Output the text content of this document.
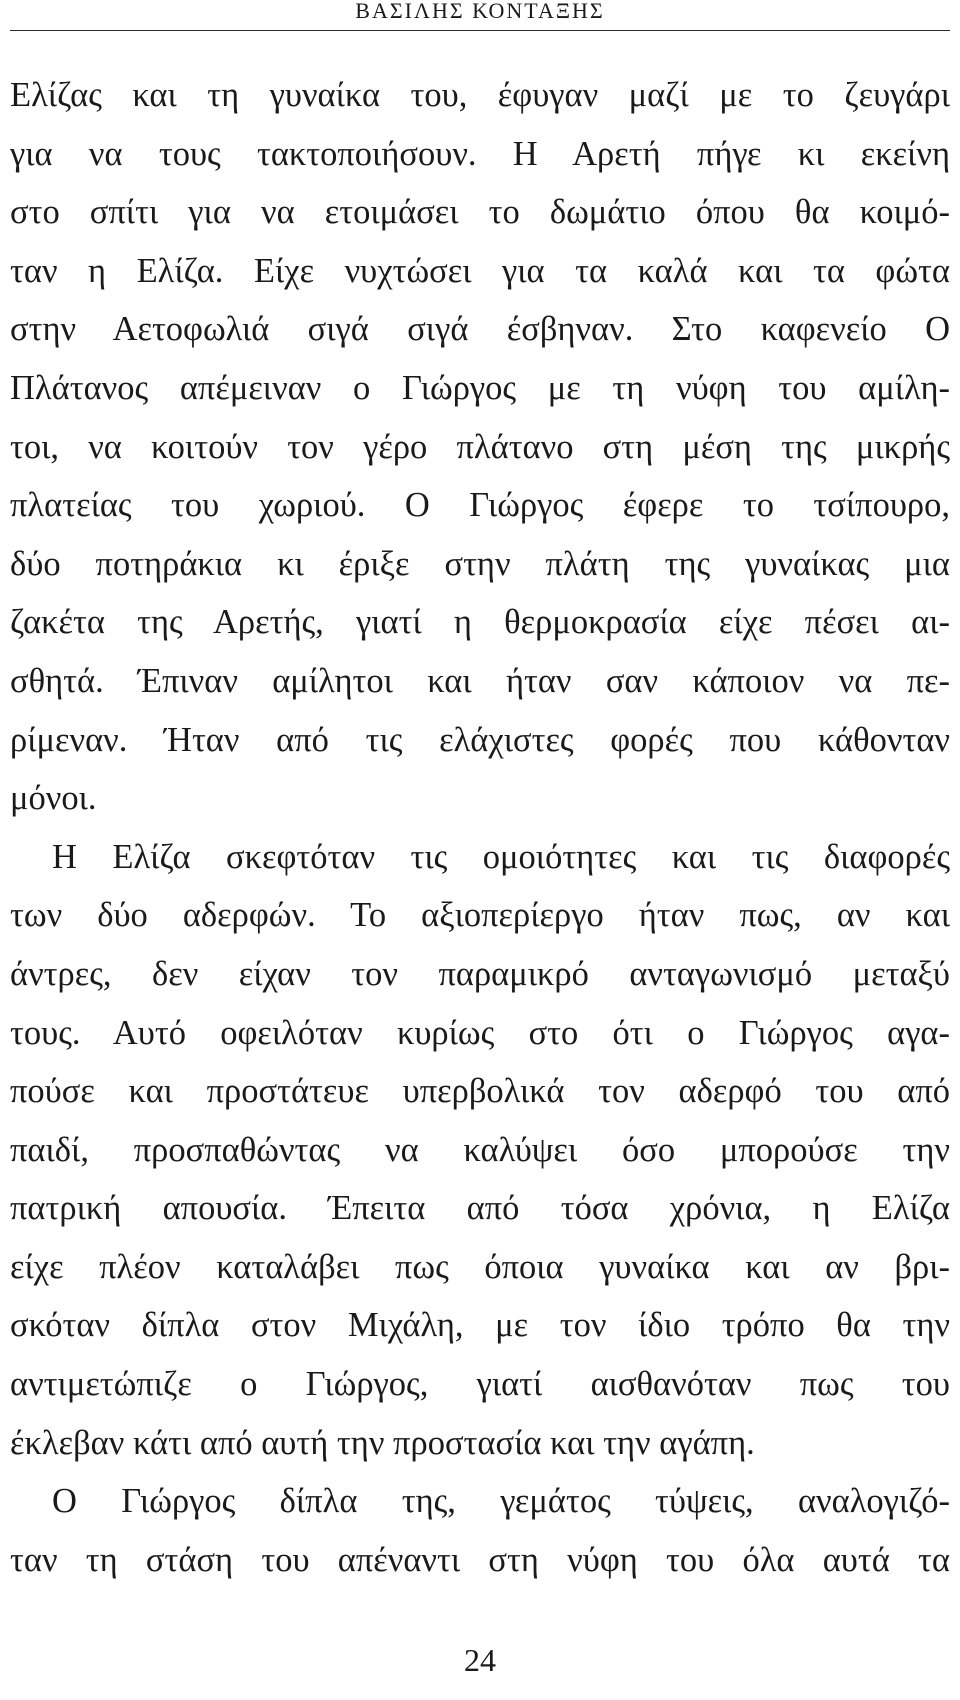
ΒΑΣΙΛΗΣ ΚΟΝΤΑΞΗΣ
Ελίζας και τη γυναίκα του, έφυγαν μαζί με το ζευγάρι
για να τους τακτοποιήσουν. Η Αρετή πήγε κι εκείνη
στο σπίτι για να ετοιμάσει το δωμάτιο όπου θα κοιμό-
ταν η Ελίζα. Είχε νυχτώσει για τα καλά και τα φώτα
στην Αετοφωλιά σιγά σιγά έσβηναν. Στο καφενείο Ο
Πλάτανος απέμειναν ο Γιώργος με τη νύφη του αμίλη-
τοι, να κοιτούν τον γέρο πλάτανο στη μέση της μικρής
πλατείας του χωριού. Ο Γιώργος έφερε το τσίπουρο,
δύο ποτηράκια κι έριξε στην πλάτη της γυναίκας μια
ζακέτα της Αρετής, γιατί η θερμοκρασία είχε πέσει αι-
σθητά. Έπιναν αμίλητοι και ήταν σαν κάποιον να πε-
ρίμεναν. Ήταν από τις ελάχιστες φορές που κάθονταν
μόνοι.
Η Ελίζα σκεφτόταν τις ομοιότητες και τις διαφορές
των δύο αδερφών. Το αξιοπερίεργο ήταν πως, αν και
άντρες, δεν είχαν τον παραμικρό ανταγωνισμό μεταξύ
τους. Αυτό οφειλόταν κυρίως στο ότι ο Γιώργος αγα-
πούσε και προστάτευε υπερβολικά τον αδερφό του από
παιδί, προσπαθώντας να καλύψει όσο μπορούσε την
πατρική απουσία. Έπειτα από τόσα χρόνια, η Ελίζα
είχε πλέον καταλάβει πως όποια γυναίκα και αν βρι-
σκόταν δίπλα στον Μιχάλη, με τον ίδιο τρόπο θα την
αντιμετώπιζε ο Γιώργος, γιατί αισθανόταν πως του
έκλεβαν κάτι από αυτή την προστασία και την αγάπη.
Ο Γιώργος δίπλα της, γεμάτος τύψεις, αναλογιζό-
ταν τη στάση του απέναντι στη νύφη του όλα αυτά τα
24
